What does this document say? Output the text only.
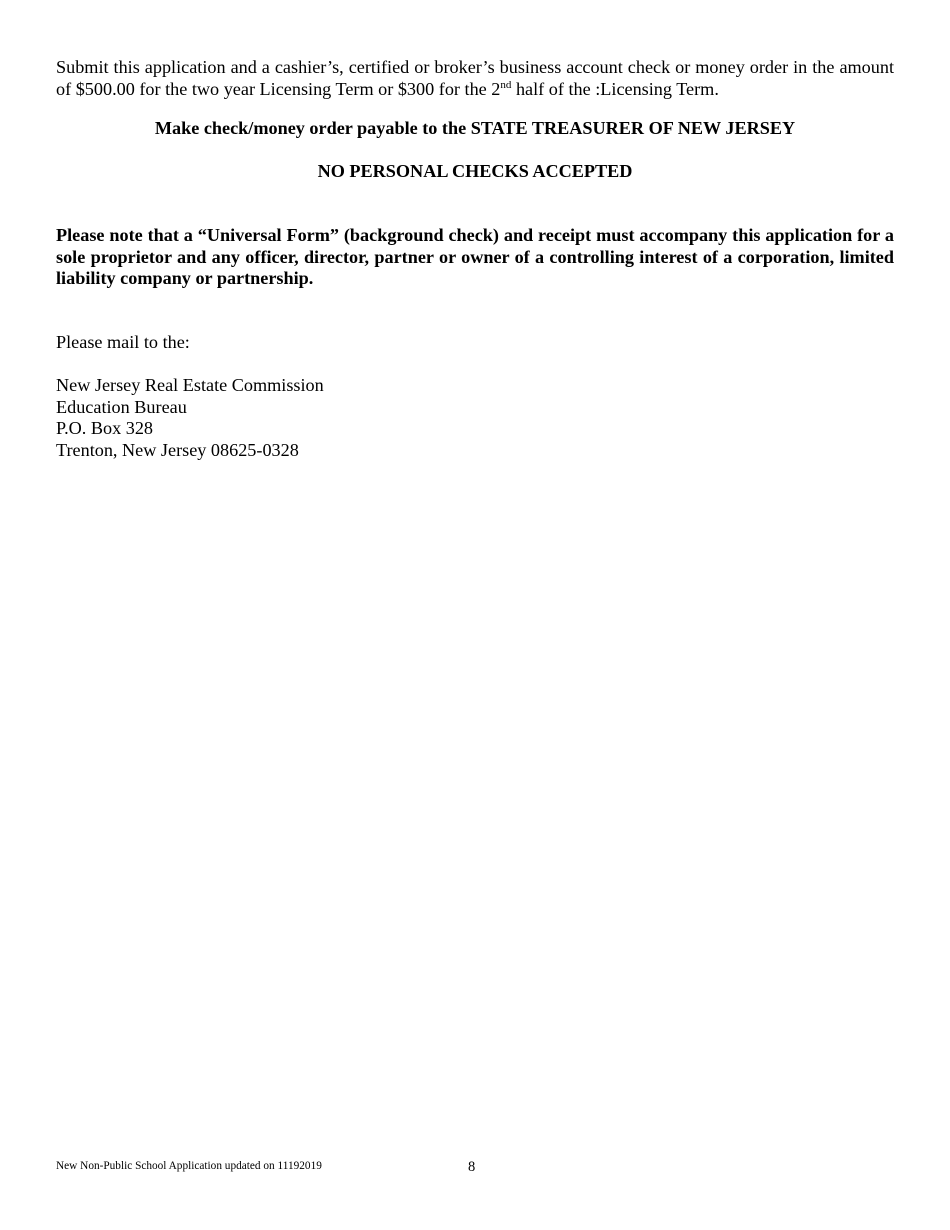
Submit this application and a cashier’s, certified or broker’s business account check or money order in the amount of $500.00 for the two year Licensing Term or $300 for the 2nd half of the :Licensing Term.

Make check/money order payable to the STATE TREASURER OF NEW JERSEY

NO PERSONAL CHECKS ACCEPTED

Please note that a “Universal Form” (background check) and receipt must accompany this application for a sole proprietor and any officer, director, partner or owner of a controlling interest of a corporation, limited liability company or partnership.

Please mail to the:

New Jersey Real Estate Commission
Education Bureau
P.O. Box 328
Trenton, New Jersey 08625-0328
New Non-Public School Application updated on 11192019	8
